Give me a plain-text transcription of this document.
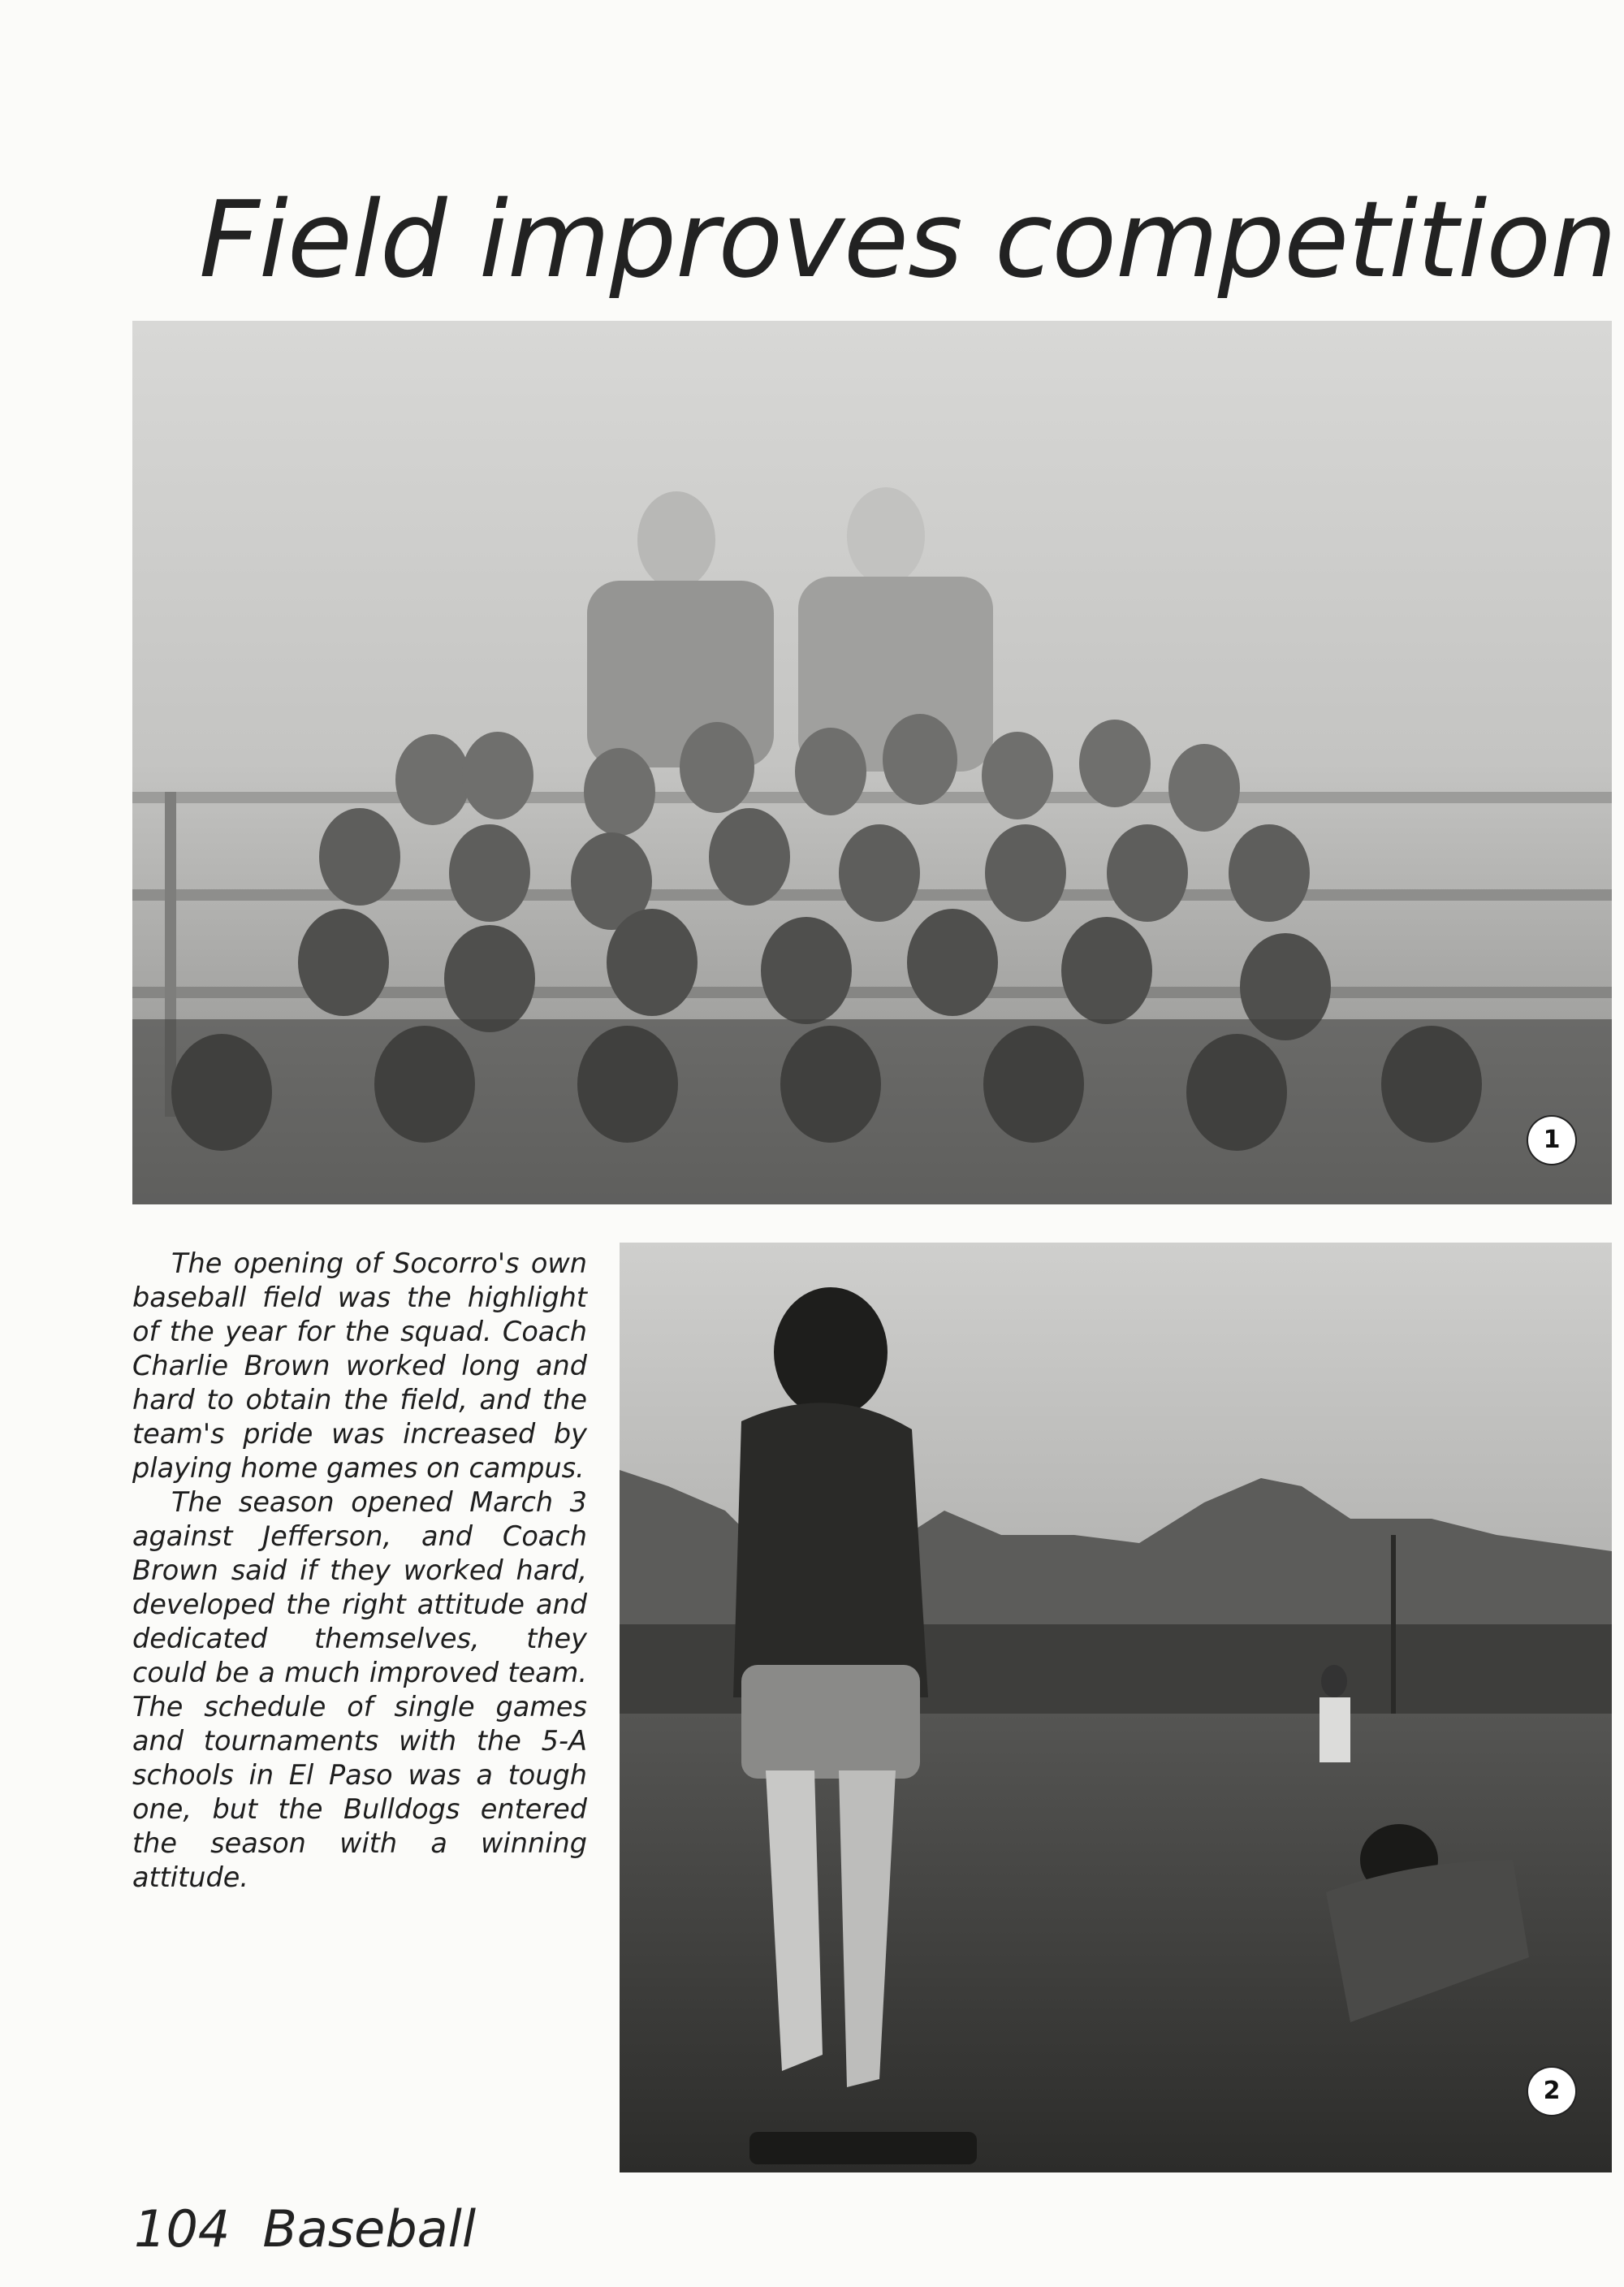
Field improves competition
1

The opening of Socorro's own baseball field was the highlight of the year for the squad. Coach Charlie Brown worked long and hard to obtain the field, and the team's pride was increased by playing home games on campus.

The season opened March 3 against Jefferson, and Coach Brown said if they worked hard, developed the right attitude and dedicated themselves, they could be a much improved team. The schedule of single games and tournaments with the 5-A schools in El Paso was a tough one, but the Bulldogs entered the season with a winning attitude.

2
104 Baseball
